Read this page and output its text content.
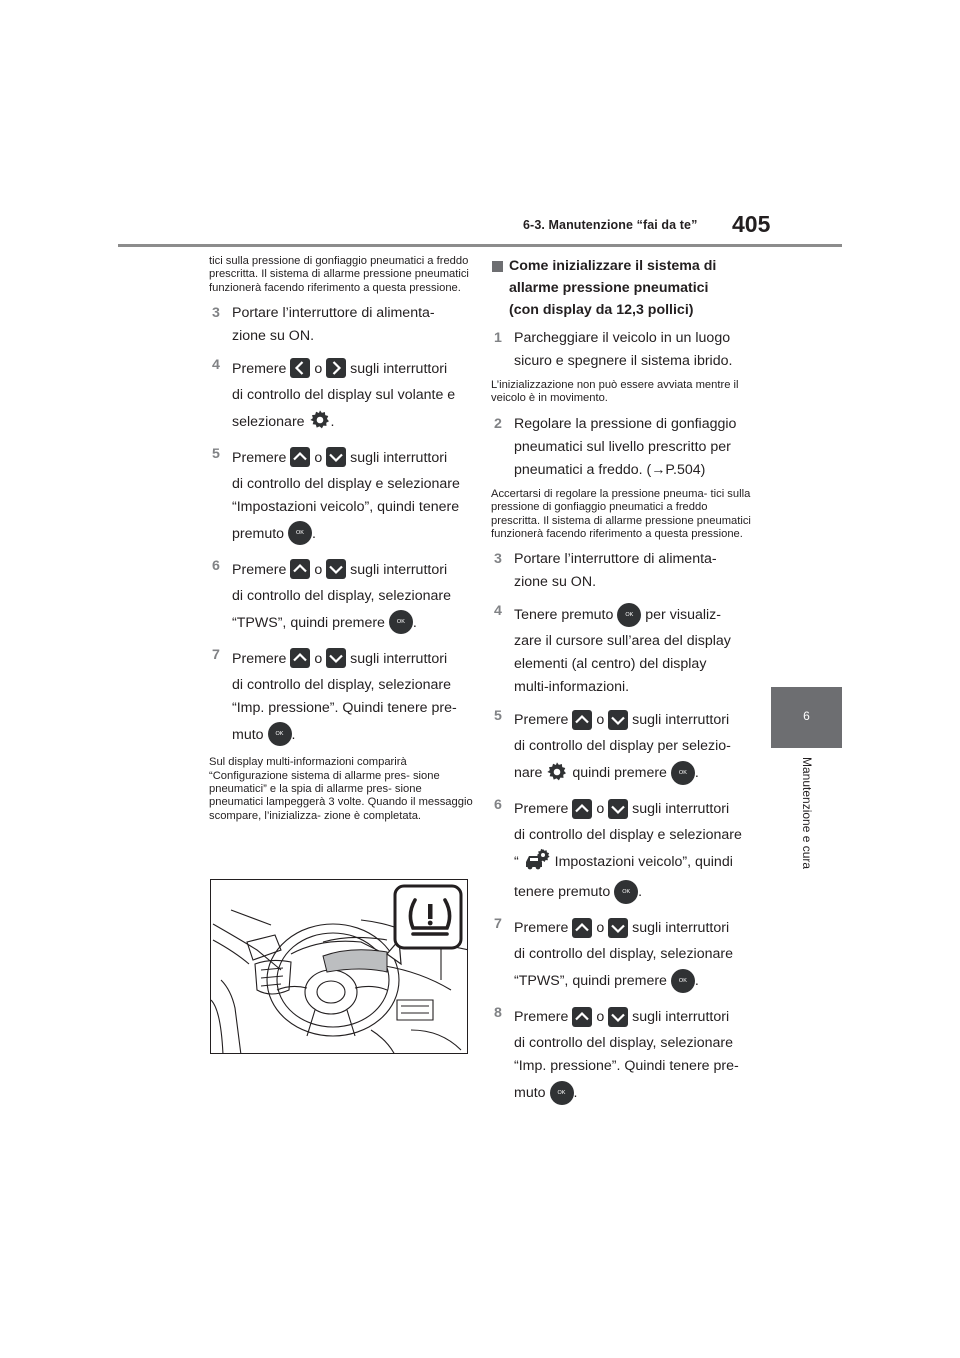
6-3. Manutenzione “fai da te” 405
6
Manutenzione e cura

tici sulla pressione di gonfiaggio pneumatici a freddo prescritta. Il sistema di allarme pressione pneumatici funzionerà facendo riferimento a questa pressione.

3 Portare l’interruttore di alimenta-
zione su ON.
4 Premere o sugli interruttori
di controllo del display sul volante e
selezionare .
5 Premere o sugli interruttori
di controllo del display e selezionare
“Impostazioni veicolo”, quindi tenere
premuto OK .
6 Premere o sugli interruttori
di controllo del display, selezionare
“TPWS”, quindi premere OK .
7 Premere o sugli interruttori
di controllo del display, selezionare
“Imp. pressione”. Quindi tenere pre-
muto OK .

Sul display multi-informazioni comparirà “Configurazione sistema di allarme pres- sione pneumatici” e la spia di allarme pres- sione pneumatici lampeggerà 3 volte. Quando il messaggio scompare, l’inizializza- zione è completata.

Come inizializzare il sistema di
allarme pressione pneumatici
(con display da 12,3 pollici)
1 Parcheggiare il veicolo in un luogo
sicuro e spegnere il sistema ibrido.

L’inizializzazione non può essere avviata mentre il veicolo è in movimento.

2 Regolare la pressione di gonfiaggio
pneumatici sul livello prescritto per
pneumatici a freddo. (→P.504)

Accertarsi di regolare la pressione pneuma- tici sulla pressione di gonfiaggio pneumatici a freddo prescritta. Il sistema di allarme pressione pneumatici funzionerà facendo riferimento a questa pressione.

3 Portare l’interruttore di alimenta-
zione su ON.
4 Tenere premuto OK per visualiz-
zare il cursore sull’area del display
elementi (al centro) del display
multi-informazioni.
5 Premere o sugli interruttori
di controllo del display per selezio-
nare quindi premere OK .
6 Premere o sugli interruttori
di controllo del display e selezionare
“	Impostazioni veicolo”, quindi
tenere premuto OK .
7 Premere o sugli interruttori
di controllo del display, selezionare
“TPWS”, quindi premere OK .
8 Premere o sugli interruttori
di controllo del display, selezionare
“Imp. pressione”. Quindi tenere pre-
muto OK .
